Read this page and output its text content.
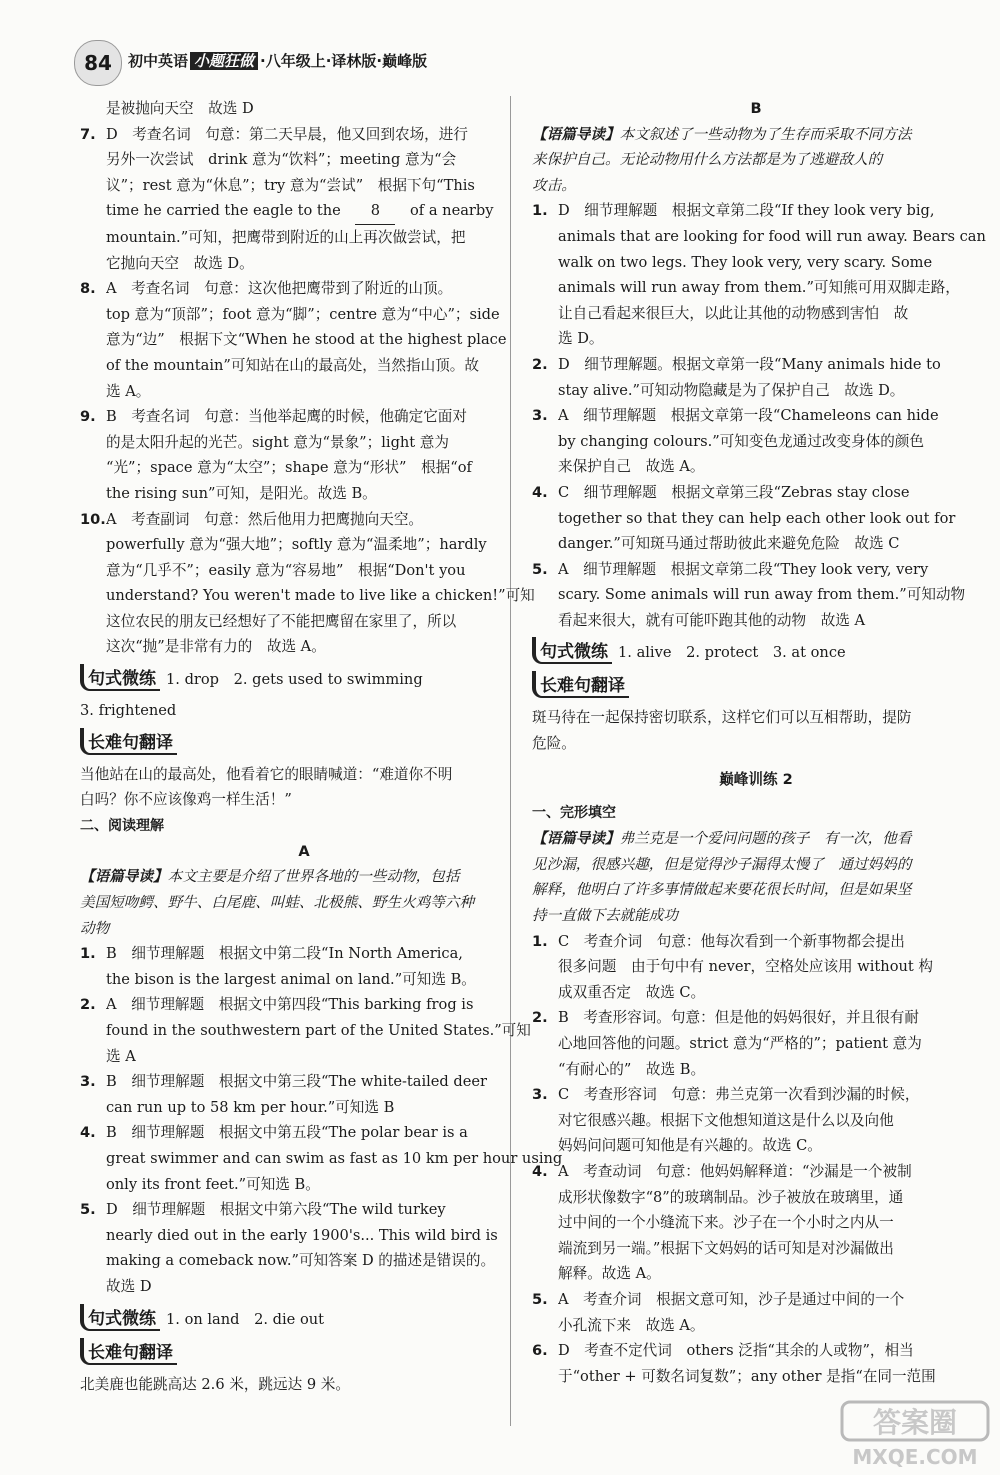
84	初中英语 小题狂做 ·八年级上·译林版·巅峰版
是被抛向天空　故选 D
7. D　考查名词　句意：第二天早晨，他又回到农场，进行
另外一次尝试　drink 意为“饮料”；meeting 意为“会
议”；rest 意为“休息”；try 意为“尝试”　根据下句“This
time he carried the eagle to the　 8　 of a nearby
mountain.”可知，把鹰带到附近的山上再次做尝试，把
它抛向天空　故选 D。
8. A　考查名词　句意：这次他把鹰带到了附近的山顶。
top 意为“顶部”；foot 意为“脚”；centre 意为“中心”；side
意为“边”　根据下文“When he stood at the highest place
of the mountain”可知站在山的最高处，当然指山顶。故
选 A。
9. B　考查名词　句意：当他举起鹰的时候，他确定它面对
的是太阳升起的光芒。sight 意为“景象”；light 意为
“光”；space 意为“太空”；shape 意为“形状”　根据“of
the rising sun”可知，是阳光。故选 B。
10. A　考查副词　句意：然后他用力把鹰抛向天空。
powerfully 意为“强大地”；softly 意为“温柔地”；hardly
意为“几乎不”；easily 意为“容易地”　根据“Don't you
understand? You weren't made to live like a chicken!”可知
这位农民的朋友已经想好了不能把鹰留在家里了，所以
这次“抛”是非常有力的　故选 A。
句式微练 1. drop　2. gets used to swimming
3. frightened
长难句翻译
当他站在山的最高处，他看着它的眼睛喊道：“难道你不明
白吗？你不应该像鸡一样生活！”
二、阅读理解
A
【语篇导读】本文主要是介绍了世界各地的一些动物，包括
美国短吻鳄、野牛、白尾鹿、叫蛙、北极熊、野生火鸡等六种
动物
1. B　细节理解题　根据文中第二段“In North America,
the bison is the largest animal on land.”可知选 B。
2. A　细节理解题　根据文中第四段“This barking frog is
found in the southwestern part of the United States.”可知
选 A
3. B　细节理解题　根据文中第三段“The white-tailed deer
can run up to 58 km per hour.”可知选 B
4. B　细节理解题　根据文中第五段“The polar bear is a
great swimmer and can swim as fast as 10 km per hour using
only its front feet.”可知选 B。
5. D　细节理解题　根据文中第六段“The wild turkey
nearly died out in the early 1900's... This wild bird is
making a comeback now.”可知答案 D 的描述是错误的。
故选 D
句式微练 1. on land　2. die out
长难句翻译
北美鹿也能跳高达 2.6 米，跳远达 9 米。
B
【语篇导读】本文叙述了一些动物为了生存而采取不同方法
来保护自己。无论动物用什么方法都是为了逃避敌人的
攻击。
1. D　细节理解题　根据文章第二段“If they look very big,
animals that are looking for food will run away. Bears can
walk on two legs. They look very, very scary. Some
animals will run away from them.”可知熊可用双脚走路，
让自己看起来很巨大，以此让其他的动物感到害怕　故
选 D。
2. D　细节理解题。根据文章第一段“Many animals hide to
stay alive.”可知动物隐藏是为了保护自己　故选 D。
3. A　细节理解题　根据文章第一段“Chameleons can hide
by changing colours.”可知变色龙通过改变身体的颜色
来保护自己　故选 A。
4. C　细节理解题　根据文章第三段“Zebras stay close
together so that they can help each other look out for
danger.”可知斑马通过帮助彼此来避免危险　故选 C
5. A　细节理解题　根据文章第二段“They look very, very
scary. Some animals will run away from them.”可知动物
看起来很大，就有可能吓跑其他的动物　故选 A
句式微练 1. alive　2. protect　3. at once
长难句翻译
斑马待在一起保持密切联系，这样它们可以互相帮助，提防
危险。
巅峰训练 2
一、完形填空
【语篇导读】弗兰克是一个爱问问题的孩子　有一次，他看
见沙漏，很感兴趣，但是觉得沙子漏得太慢了　通过妈妈的
解释，他明白了许多事情做起来要花很长时间，但是如果坚
持一直做下去就能成功
1. C　考查介词　句意：他每次看到一个新事物都会提出
很多问题　由于句中有 never，空格处应该用 without 构
成双重否定　故选 C。
2. B　考查形容词。句意：但是他的妈妈很好，并且很有耐
心地回答他的问题。strict 意为“严格的”；patient 意为
“有耐心的”　故选 B。
3. C　考查形容词　句意：弗兰克第一次看到沙漏的时候，
对它很感兴趣。根据下文他想知道这是什么以及向他
妈妈问问题可知他是有兴趣的。故选 C。
4. A　考查动词　句意：他妈妈解释道：“沙漏是一个被制
成形状像数字“8”的玻璃制品。沙子被放在玻璃里，通
过中间的一个小缝流下来。沙子在一个小时之内从一
端流到另一端。”根据下文妈妈的话可知是对沙漏做出
解释。故选 A。
5. A　考查介词　根据文意可知，沙子是通过中间的一个
小孔流下来　故选 A。
6. D　考查不定代词　others 泛指“其余的人或物”，相当
于“other + 可数名词复数”；any other 是指“在同一范围
答案圈
MXQE.COM
